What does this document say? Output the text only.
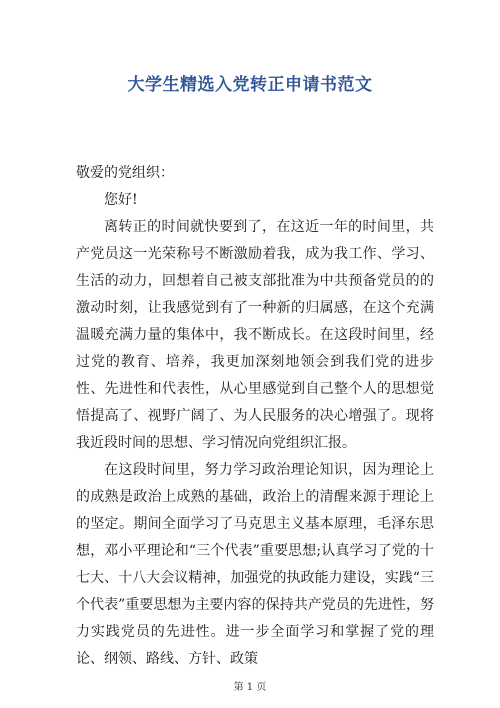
大学生精选入党转正申请书范文

敬爱的党组织：

您好!

离转正的时间就快要到了，在这近一年的时间里，共产党员这一光荣称号不断激励着我，成为我工作、学习、生活的动力，回想着自己被支部批准为中共预备党员的的激动时刻，让我感觉到有了一种新的归属感，在这个充满温暖充满力量的集体中，我不断成长。在这段时间里，经过党的教育、培养，我更加深刻地领会到我们党的进步性、先进性和代表性，从心里感觉到自己整个人的思想觉悟提高了、视野广阔了、为人民服务的决心增强了。现将我近段时间的思想、学习情况向党组织汇报。

在这段时间里，努力学习政治理论知识，因为理论上的成熟是政治上成熟的基础，政治上的清醒来源于理论上的坚定。期间全面学习了马克思主义基本原理，毛泽东思想，邓小平理论和“三个代表”重要思想;认真学习了党的十七大、十八大会议精神，加强党的执政能力建设，实践“三个代表”重要思想为主要内容的保持共产党员的先进性，努力实践党员的先进性。进一步全面学习和掌握了党的理论、纲领、路线、方针、政策

第 1 页
